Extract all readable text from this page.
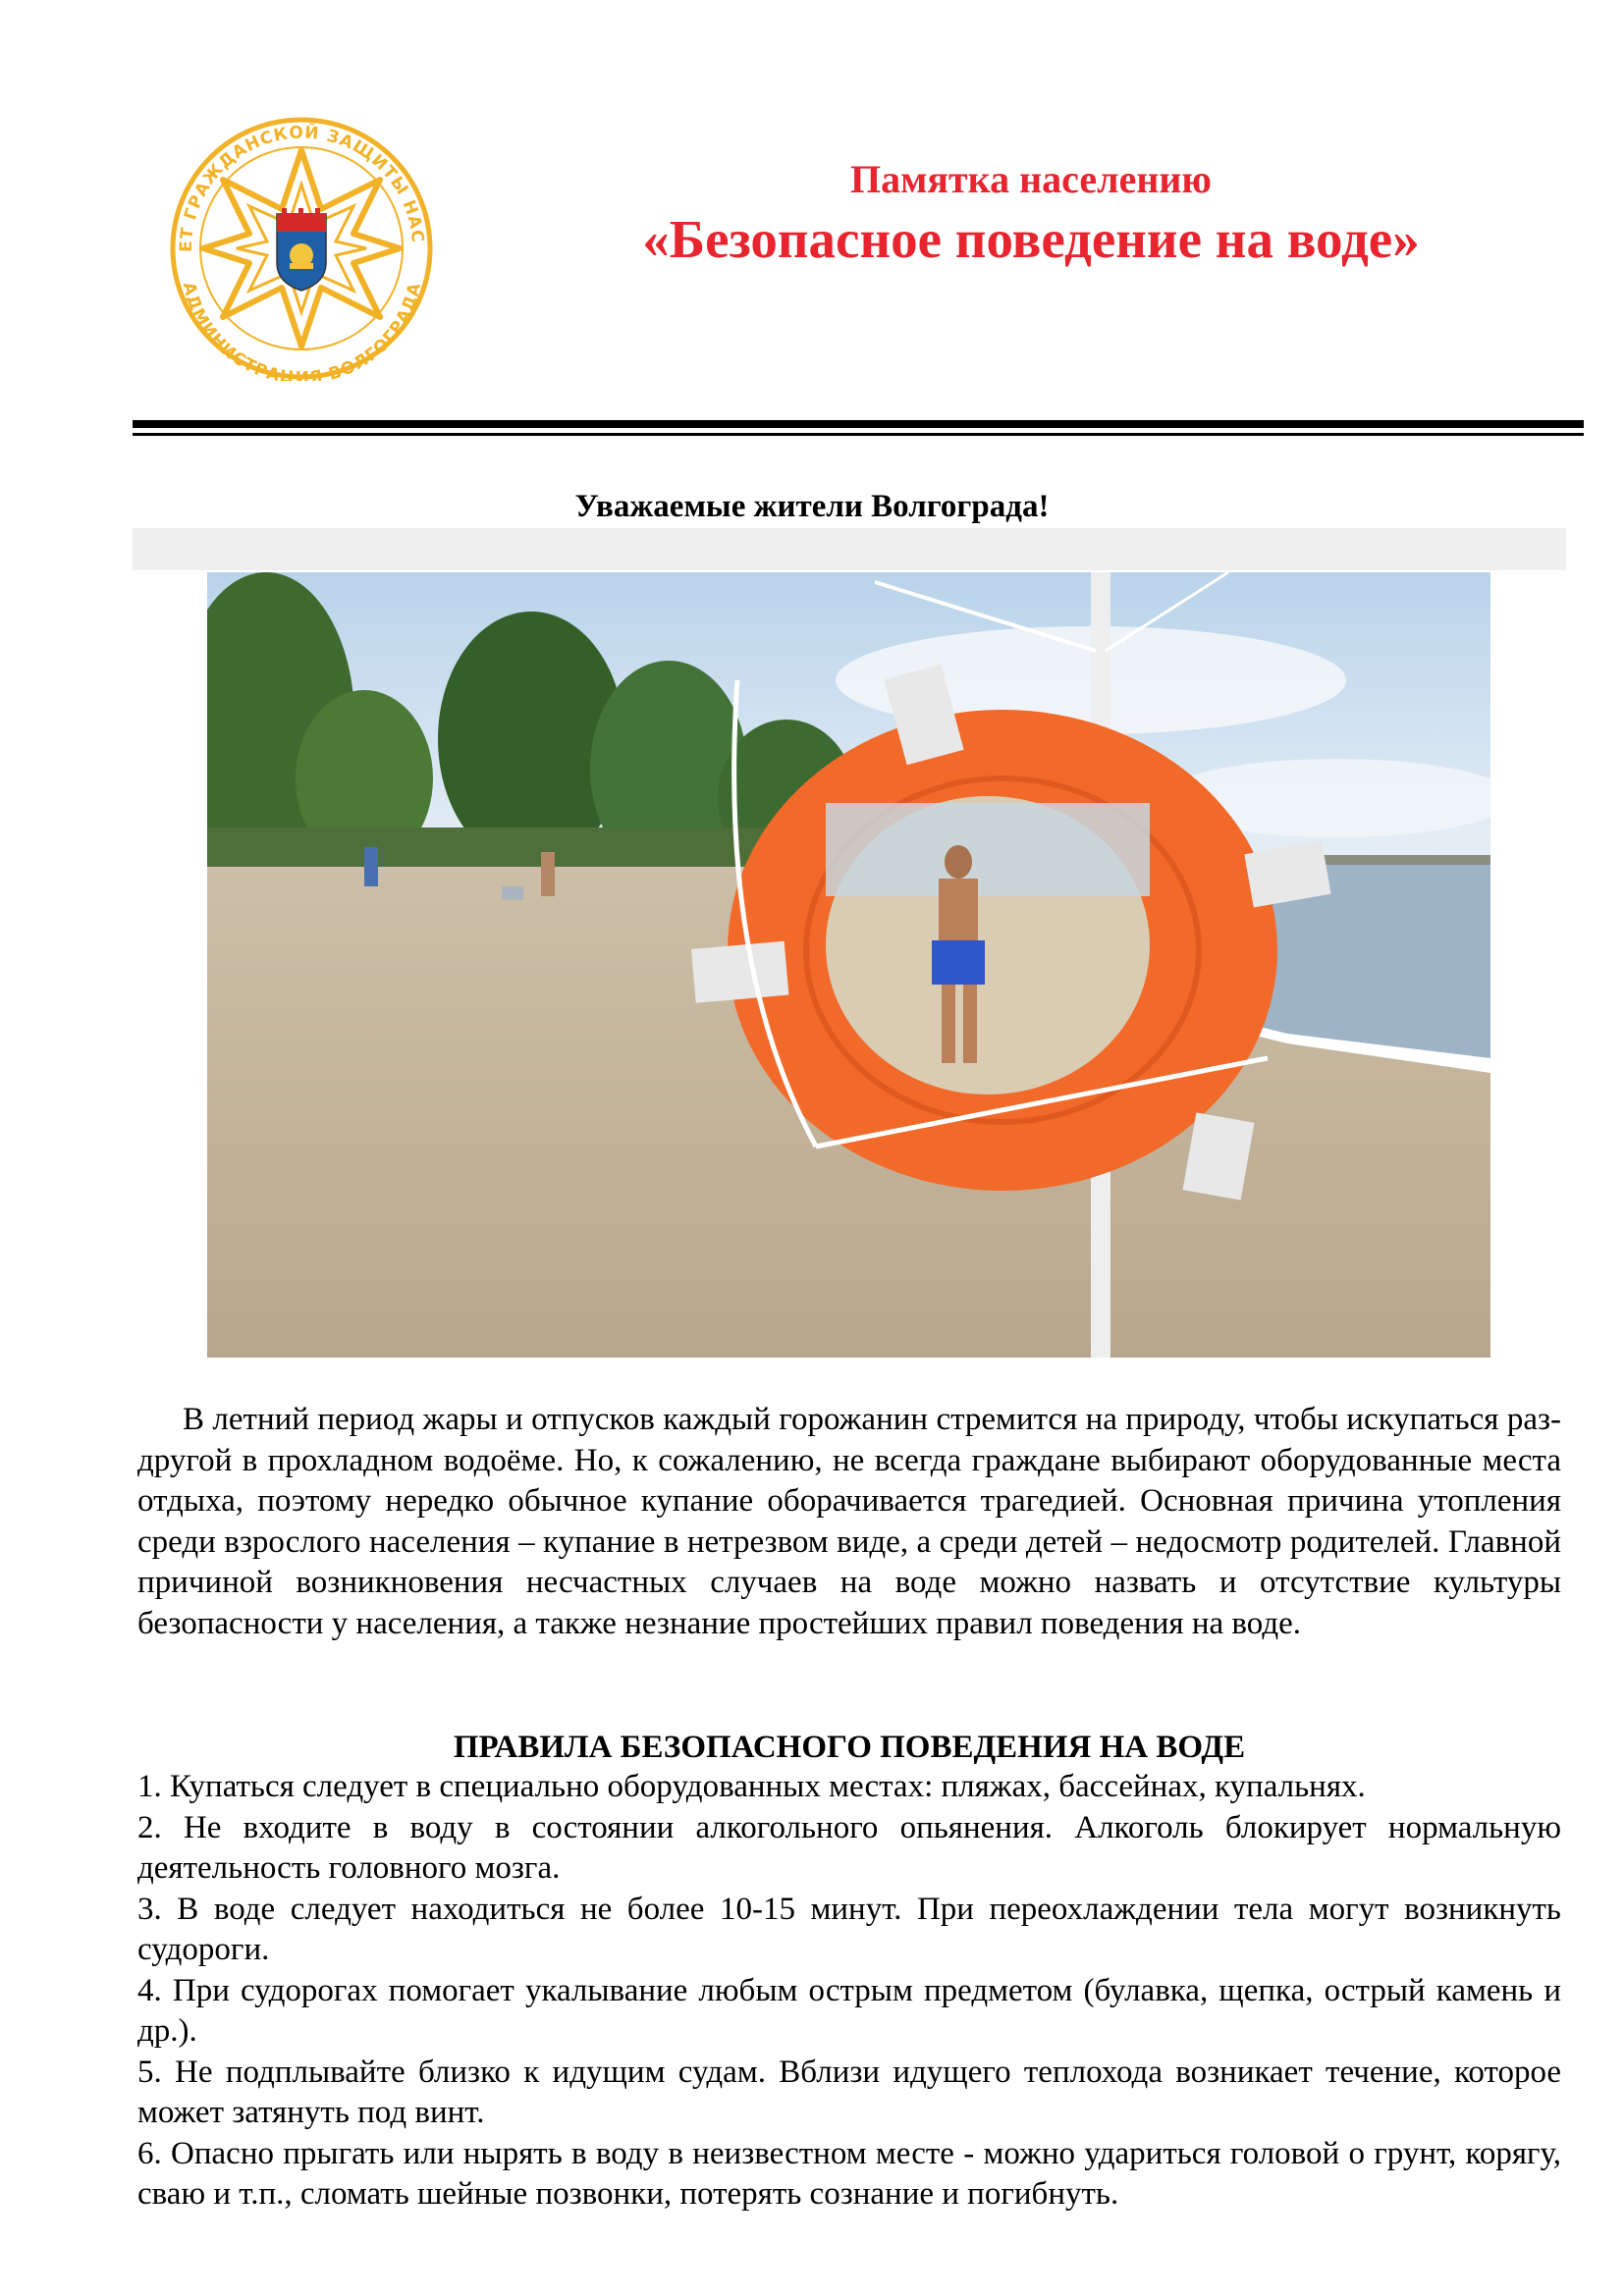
ЕТ ГРАЖДАНСКОЙ ЗАЩИТЫ НАС
АДМИНИСТРАЦИЯ ВОЛГОГРАДА
Памятка населению
«Безопасное поведение на воде»
Уважаемые жители Волгограда!

В летний период жары и отпусков каждый горожанин стремится на природу, чтобы искупаться раз-другой в прохладном водоёме. Но, к сожалению, не всегда граждане выбирают оборудованные места отдыха, поэтому нередко обычное купание оборачивается трагедией. Основная причина утопления среди взрослого населения – купание в нетрезвом виде, а среди детей – недосмотр родителей. Главной причиной возникновения несчастных случаев на воде можно назвать и отсутствие культуры безопасности у населения, а также незнание простейших правил поведения на воде.

ПРАВИЛА БЕЗОПАСНОГО ПОВЕДЕНИЯ НА ВОДЕ

1. Купаться следует в специально оборудованных местах: пляжах, бассейнах, купальнях.

2. Не входите в воду в состоянии алкогольного опьянения. Алкоголь блокирует нормальную деятельность головного мозга.

3. В воде следует находиться не более 10-15 минут. При переохлаждении тела могут возникнуть судороги.

4. При судорогах помогает укалывание любым острым предметом (булавка, щепка, острый камень и др.).

5. Не подплывайте близко к идущим судам. Вблизи идущего теплохода возникает течение, которое может затянуть под винт.

6. Опасно прыгать или нырять в воду в неизвестном месте - можно удариться головой о грунт, корягу, сваю и т.п., сломать шейные позвонки, потерять сознание и погибнуть.
